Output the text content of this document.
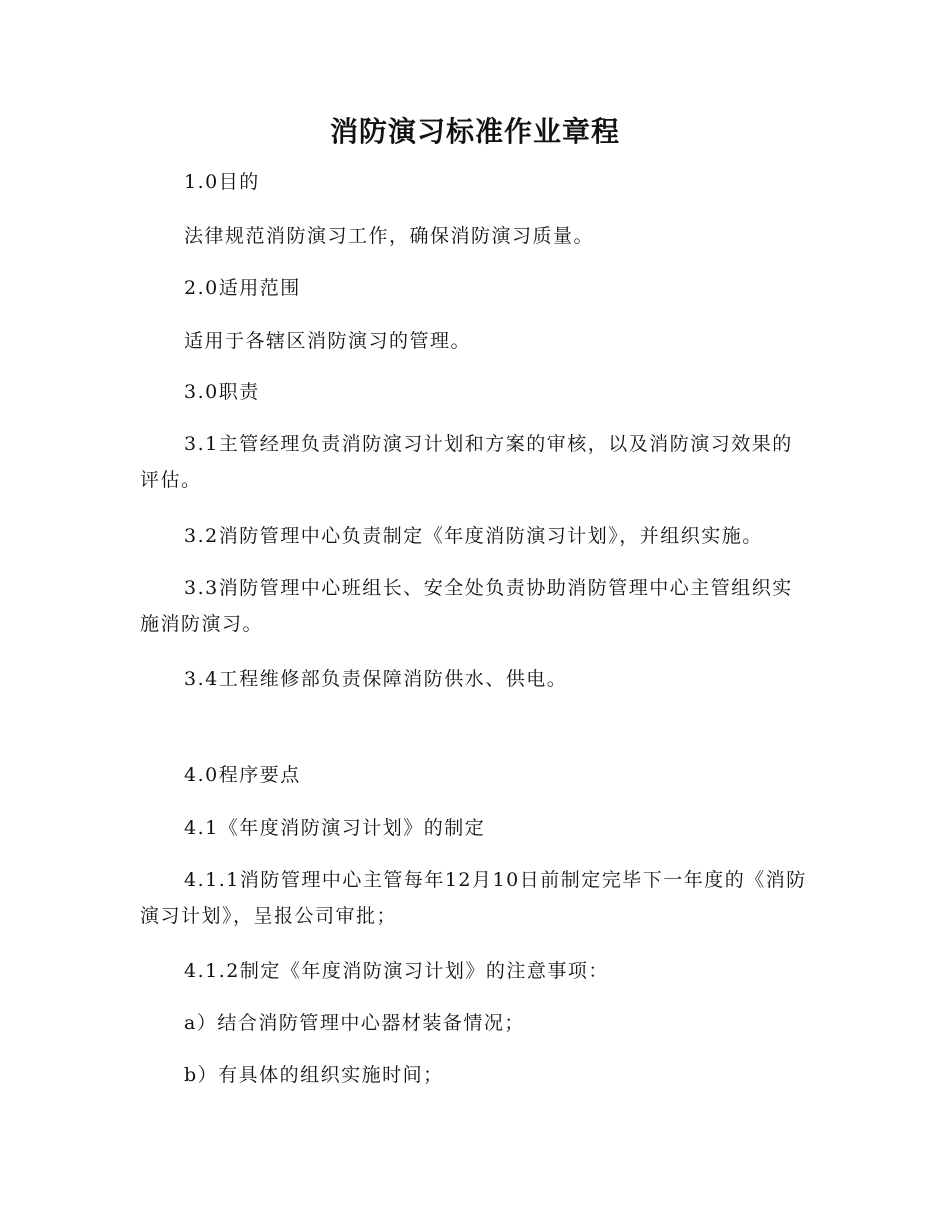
消防演习标准作业章程

1.0目的

法律规范消防演习工作，确保消防演习质量。

2.0适用范围

适用于各辖区消防演习的管理。

3.0职责

3.1主管经理负责消防演习计划和方案的审核，以及消防演习效果的评估。

3.2消防管理中心负责制定《年度消防演习计划》，并组织实施。

3.3消防管理中心班组长、安全处负责协助消防管理中心主管组织实施消防演习。

3.4工程维修部负责保障消防供水、供电。

4.0程序要点

4.1《年度消防演习计划》的制定

4.1.1消防管理中心主管每年12月10日前制定完毕下一年度的《消防演习计划》，呈报公司审批；

4.1.2制定《年度消防演习计划》的注意事项：

a）结合消防管理中心器材装备情况；

b）有具体的组织实施时间；
